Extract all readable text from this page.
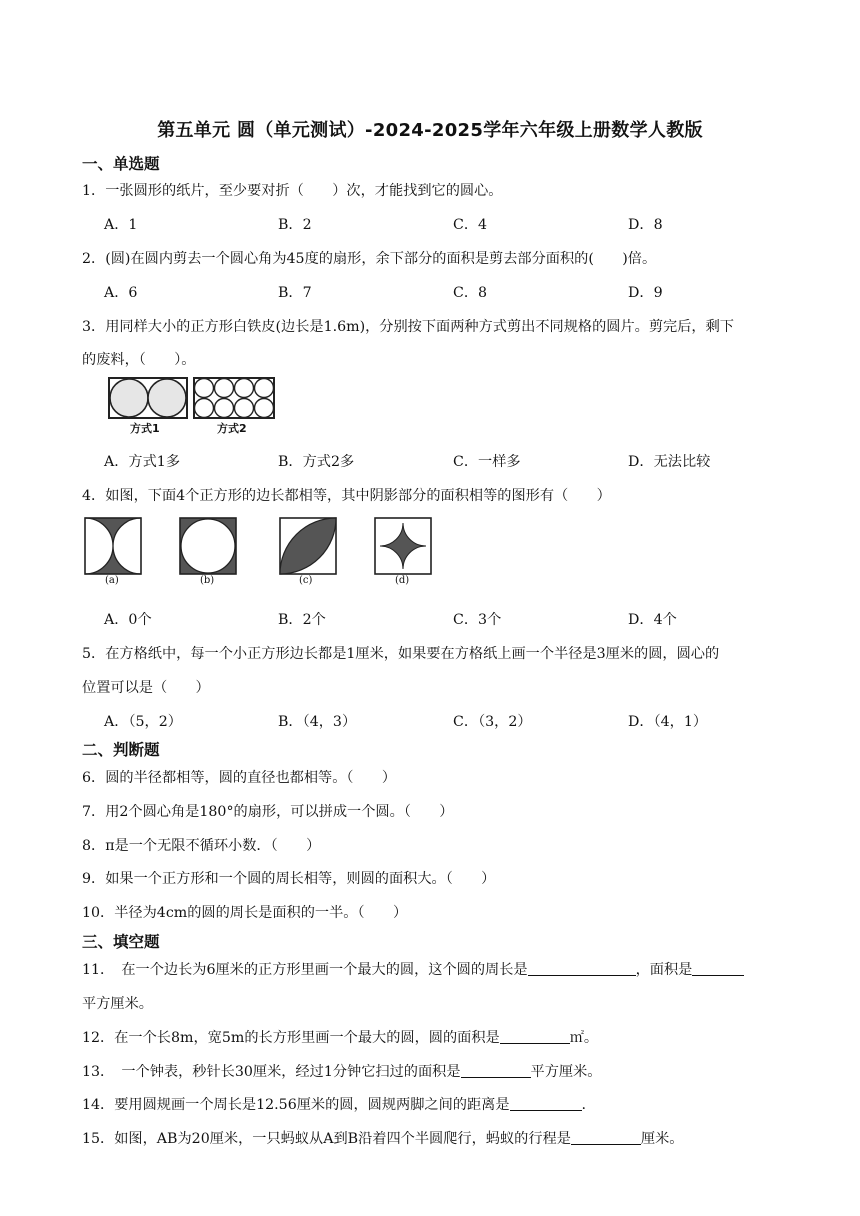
第五单元 圆（单元测试）-2024-2025学年六年级上册数学人教版
一、单选题
1．一张圆形的纸片，至少要对折（　　）次，才能找到它的圆心。
A．1	B．2	C．4	D．8
2．(圆)在圆内剪去一个圆心角为45度的扇形，余下部分的面积是剪去部分面积的(　　)倍。
A．6	B．7	C．8	D．9
3．用同样大小的正方形白铁皮(边长是1.6m)，分别按下面两种方式剪出不同规格的圆片。剪完后，剩下
的废料，（　　）。
方式1	方式2
A．方式1多	B．方式2多	C．一样多	D．无法比较
4．如图，下面4个正方形的边长都相等，其中阴影部分的面积相等的图形有（　　）
(a)	(b)	(c)	(d)
A．0个	B．2个	C．3个	D．4个
5．在方格纸中，每一个小正方形边长都是1厘米，如果要在方格纸上画一个半径是3厘米的圆，圆心的
位置可以是（　　）
A．（5，2）	B．（4，3）	C．（3，2）	D．（4，1）
二、判断题
6．圆的半径都相等，圆的直径也都相等。（　　）
7．用2个圆心角是180°的扇形，可以拼成一个圆。（　　）
8．π是一个无限不循环小数．（　　）
9．如果一个正方形和一个圆的周长相等，则圆的面积大。（　　）
10．半径为4cm的圆的周长是面积的一半。（　　）
三、填空题
11．　在一个边长为6厘米的正方形里画一个最大的圆，这个圆的周长是	，面积是
平方厘米。
12．在一个长8m，宽5m的长方形里画一个最大的圆，圆的面积是	㎡。
13．　一个钟表，秒针长30厘米，经过1分钟它扫过的面积是	平方厘米。
14．要用圆规画一个周长是12.56厘米的圆，圆规两脚之间的距离是	.
15．如图，AB为20厘米，一只蚂蚁从A到B沿着四个半圆爬行，蚂蚁的行程是	厘米。
